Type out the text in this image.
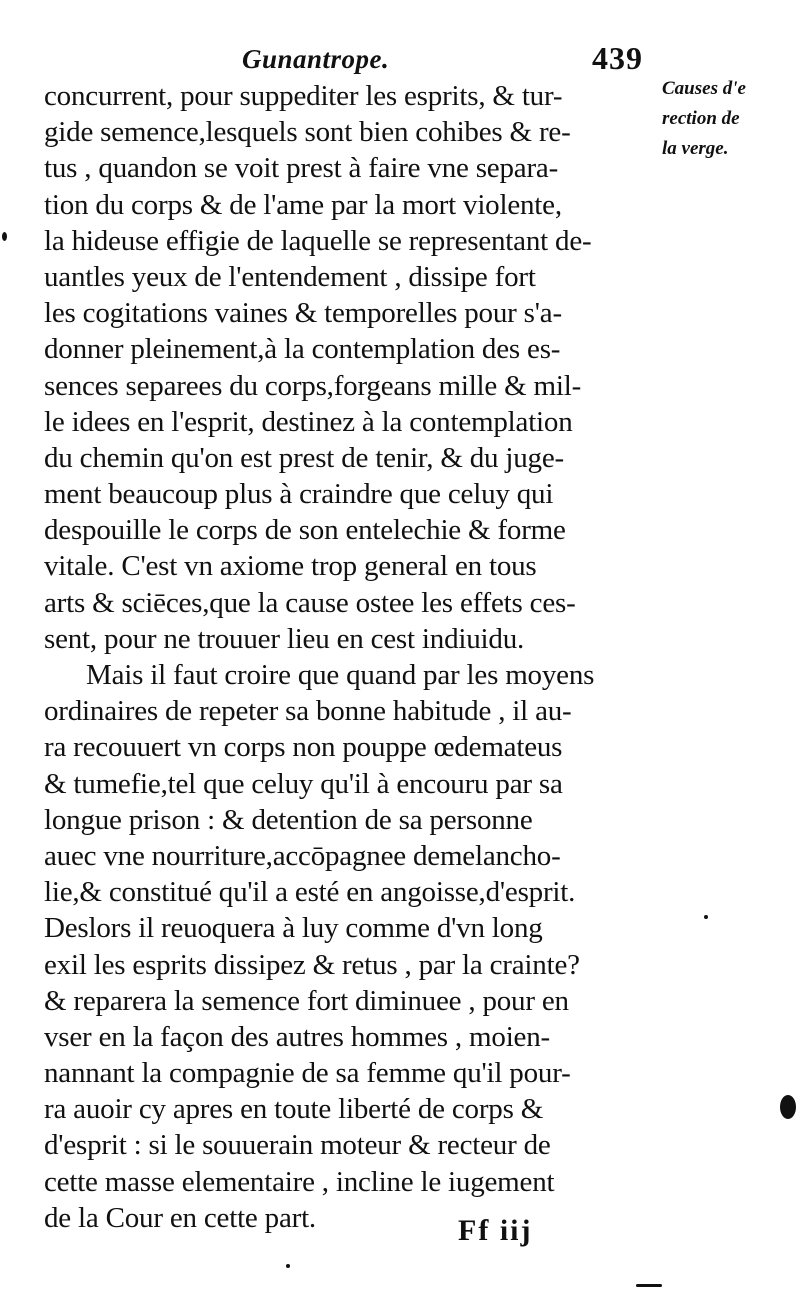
Gunantrope.	439
Causes d'e
rection de
la verge.
concurrent, pour suppediter les esprits, & tur-
gide semence,lesquels sont bien cohibes & re-
tus , quandon se voit prest à faire vne separa-
tion du corps & de l'ame par la mort violente,
la hideuse effigie de laquelle se representant de-
uantles yeux de l'entendement , dissipe fort
les cogitations vaines & temporelles pour s'a-
donner pleinement,à la contemplation des es-
sences separees du corps,forgeans mille & mil-
le idees en l'esprit, destinez à la contemplation
du chemin qu'on est prest de tenir, & du juge-
ment beaucoup plus à craindre que celuy qui
despouille le corps de son entelechie & forme
vitale. C'est vn axiome trop general en tous
arts & sciēces,que la cause ostee les effets ces-
sent, pour ne trouuer lieu en cest indiuidu.
Mais il faut croire que quand par les moyens
ordinaires de repeter sa bonne habitude , il au-
ra recouuert vn corps non pouppe œdemateus
& tumefie,tel que celuy qu'il à encouru par sa
longue prison : & detention de sa personne
auec vne nourriture,accōpagnee demelancho-
lie,& constitué qu'il a esté en angoisse,d'esprit.
Deslors il reuoquera à luy comme d'vn long
exil les esprits dissipez & retus , par la crainte?
& reparera la semence fort diminuee , pour en
vser en la façon des autres hommes , moien-
nannant la compagnie de sa femme qu'il pour-
ra auoir cy apres en toute liberté de corps &
d'esprit : si le souuerain moteur & recteur de
cette masse elementaire , incline le iugement
de la Cour en cette part.	Ff iij
